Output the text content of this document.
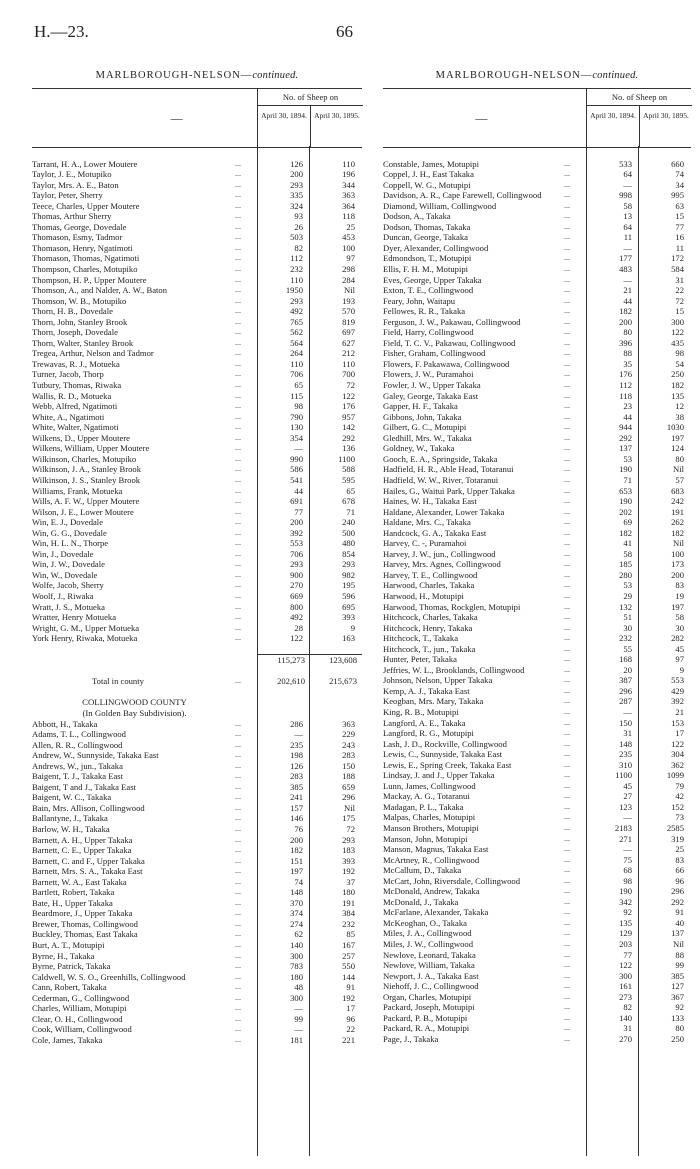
H.—23.	66
MARLBOROUGH-NELSON—continued.
—
No. of Sheep on
April 30, 1894. April 30, 1895.
Tarrant, H. A., Lower Moutere	...	126	110
Taylor, J. E., Motupiko	...	200	196
Taylor, Mrs. A. E., Baton	...	293	344
Taylor, Peter, Sherry	...	335	363
Teece, Charles, Upper Moutere	...	324	364
Thomas, Arthur Sherry	...	93	118
Thomas, George, Dovedale	...	26	25
Thomason, Esmy, Tadmor	...	503	453
Thomason, Henry, Ngatimoti	...	82	100
Thomason, Thomas, Ngatimoti	...	112	97
Thompson, Charles, Motupiko	...	232	298
Thompson, H. P., Upper Moutere	...	110	284
Thomson, A., and Nalder, A. W., Baton	...	1950	Nil
Thomson, W. B., Motupiko	...	293	193
Thorn, H. B., Dovedale	...	492	570
Thorn, John, Stanley Brook	...	765	819
Thorn, Joseph, Dovedale	...	562	697
Thorn, Walter, Stanley Brook	...	564	627
Tregea, Arthur, Nelson and Tadmor	...	264	212
Trewavas, R. J., Motueka	...	110	110
Turner, Jacob, Thorp	...	706	700
Tutbury, Thomas, Riwaka	...	65	72
Wallis, R. D., Motueka	...	115	122
Webb, Alfred, Ngatimoti	...	98	176
White, A., Ngatimoti	...	790	957
White, Walter, Ngatimoti	...	130	142
Wilkens, D., Upper Moutere	...	354	292
Wilkens, William, Upper Moutere	...	—	136
Wilkinson, Charles, Motupiko	...	990	1100
Wilkinson, J. A., Stanley Brook	...	586	588
Wilkinson, J. S., Stanley Brook	...	541	595
Williams, Frank, Motueka	...	44	65
Wills, A. F. W., Upper Moutere	...	691	678
Wilson, J. E., Lower Moutere	...	77	71
Win, E. J., Dovedale	...	200	240
Win, G. G., Dovedale	...	392	500
Win, H. L. N., Thorpe	...	553	480
Win, J., Dovedale	...	706	854
Win, J. W., Dovedale	...	293	293
Win, W., Dovedale	...	900	982
Wolfe, Jacob, Sherry	...	270	195
Woolf, J., Riwaka	...	669	596
Wratt, J. S., Motueka	...	800	695
Wratter, Henry Motueka	...	492	393
Wright, G. M., Upper Motueka	...	28	9
York Henry, Riwaka, Motueka	...	122	163
115,273	123,608
Total in county	...	202,610	215,673
COLLINGWOOD COUNTY
(In Golden Bay Subdivision).
Abbott, H., Takaka	...	286	363
Adams, T. L., Collingwood	...	—	229
Allen, R. R., Collingwood	...	235	243
Andrew, W., Sunnyside, Takaka East	...	198	283
Andrews, W., jun., Takaka	...	126	150
Baigent, T. J., Takaka East	...	283	188
Baigent, T and J., Takaka East	...	385	659
Baigent, W. C., Takaka	...	241	296
Bain, Mrs. Allison, Collingwood	...	157	Nil
Ballantyne, J., Takaka	...	146	175
Barlow, W. H., Takaka	...	76	72
Barnett, A. H., Upper Takaka	...	200	293
Barnett, C. E., Upper Takaka	...	182	183
Barnett, C. and F., Upper Takaka	...	151	393
Barnett, Mrs. S. A., Takaka East	...	197	192
Barnett, W. A., East Takaka	...	74	37
Bartlett, Robert, Takaka	...	148	180
Bate, H., Upper Takaka	...	370	191
Beardmore, J., Upper Takaka	...	374	384
Brewer, Thomas, Collingwood	...	274	232
Buckley, Thomas, East Takaka	...	62	85
Burt, A. T., Motupipi	...	140	167
Byrne, H., Takaka	...	300	257
Byrne, Patrick, Takaka	...	783	550
Caldwell, W. S. O., Greenhills, Collingwood	...	180	144
Cann, Robert, Takaka	...	48	91
Cederman, G., Collingwood	...	300	192
Charles, William, Motupipi	...	—	17
Clear, O. H., Collingwood	...	99	96
Cook, William, Collingwood	...	—	22
Cole, James, Takaka	...	181	221
MARLBOROUGH-NELSON—continued.
—
No. of Sheep on
April 30, 1894. April 30, 1895.
Constable, James, Motupipi	...	533	660
Coppel, J. H., East Takaka	...	64	74
Coppell, W. G., Motupipi	...	—	34
Davidson, A. R., Cape Farewell, Collingwood	...	998	995
Diamond, William, Collingwood	...	58	63
Dodson, A., Takaka	...	13	15
Dodson, Thomas, Takaka	...	64	77
Duncan, George, Takaka	...	11	16
Dyer, Alexander, Collingwood	...	—	11
Edmondson, T., Motupipi	...	177	172
Ellis, F. H. M., Motupipi	...	483	584
Eves, George, Upper Takaka	...	—	31
Exton, T. E., Collingwood	...	21	22
Feary, John, Waitapu	...	44	72
Fellowes, R. R., Takaka	...	182	15
Ferguson, J. W., Pakawau, Collingwood	...	200	300
Field, Harry, Collingwood	...	80	122
Field, T. C. V., Pakawau, Collingwood	...	396	435
Fisher, Graham, Collingwood	...	88	98
Flowers, F. Pakawawa, Collingwood	...	35	54
Flowers, J. W., Puramahoi	...	176	250
Fowler, J. W., Upper Takaka	...	112	182
Galey, George, Takaka East	...	118	135
Gapper, H. F., Takaka	...	23	12
Gibbons, John, Takaka	...	44	38
Gilbert, G. C., Motupipi	...	944	1030
Gledhill, Mrs. W., Takaka	...	292	197
Goldney, W., Takaka	...	137	124
Gooch, E. A., Springside, Takaka	...	53	80
Hadfield, H. R., Able Head, Totaranui	...	190	Nil
Hadfield, W. W., River, Totaranui	...	71	57
Hailes, G., Waitui Park, Upper Takaka	...	653	683
Haines, W. H., Takaka East	...	190	242
Haldane, Alexander, Lower Takaka	...	202	191
Haldane, Mrs. C., Takaka	...	69	262
Handcock, G. A., Takaka East	...	182	182
Harvey, C. -, Puramahoi	...	41	Nil
Harvey, J. W., jun., Collingwood	...	58	100
Harvey, Mrs. Agnes, Collingwood	...	185	173
Harvey, T. E., Collingwood	...	280	200
Harwood, Charles, Takaka	...	53	83
Harwood, H., Motupipi	...	29	19
Harwood, Thomas, Rockglen, Motupipi	...	132	197
Hitchcock, Charles, Takaka	...	51	58
Hitchcock, Henry, Takaka	...	30	30
Hitchcock, T., Takaka	...	232	282
Hitchcock, T., jun., Takaka	...	55	45
Hunter, Peter, Takaka	...	168	97
Jeffries, W. L., Brooklands, Collingwood	...	20	9
Johnson, Nelson, Upper Takaka	...	387	553
Kemp, A. J., Takaka East	...	296	429
Keogban, Mrs. Mary, Takaka	...	287	392
King, R. B., Motupipi	...	—	21
Langford, A. E., Takaka	...	150	153
Langford, R. G., Motupipi	...	31	17
Lash, J. D., Rockville, Collingwood	...	148	122
Lewis, C., Sunnyside, Takaka East	...	235	304
Lewis, E., Spring Creek, Takaka East	...	310	362
Lindsay, J. and J., Upper Takaka	...	1100	1099
Lunn, James, Collingwood	...	45	79
Mackay, A. G., Totaranui	...	27	42
Madagan, P. L., Takaka	...	123	152
Malpas, Charles, Motupipi	...	—	73
Manson Brothers, Motupipi	...	2183	2585
Manson, John, Motupipi	...	271	319
Manson, Magnus, Takaka East	...	—	25
McArtney, R., Collingwood	...	75	83
McCallum, D., Takaka	...	68	66
McCart, John, Riversdale, Collingwood	...	98	96
McDonald, Andrew, Takaka	...	190	296
McDonald, J., Takaka	...	342	292
McFarlane, Alexander, Takaka	...	92	91
McKeoghan, O., Takaka	...	135	40
Miles, J. A., Collingwood	...	129	137
Miles, J. W., Collingwood	...	203	Nil
Newlove, Leonard, Takaka	...	77	88
Newlove, William, Takaka	...	122	99
Newport, J. A., Takaka East	...	300	385
Niehoff, J. C., Collingwood	...	161	127
Organ, Charles, Motupipi	...	273	367
Packard, Joseph, Motupipi	...	82	92
Packard, P. B., Motupipi	...	140	133
Packard, R. A., Motupipi	...	31	80
Page, J., Takaka	...	270	250
